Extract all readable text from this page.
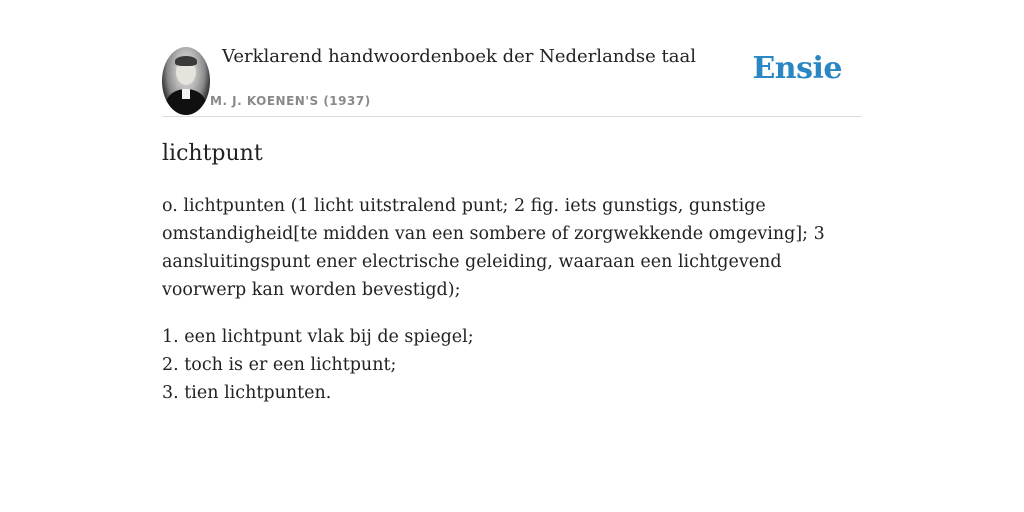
Verklarend handwoordenboek der Nederlandse taal
M. J. KOENEN'S (1937)
Ensie
lichtpunt

o. lichtpunten (1 licht uitstralend punt; 2 fig. iets gunstigs, gunstige omstandigheid[te midden van een sombere of zorgwekkende omgeving]; 3 aansluitingspunt ener electrische geleiding, waaraan een lichtgevend voorwerp kan worden bevestigd);

1. een lichtpunt vlak bij de spiegel;
2. toch is er een lichtpunt;
3. tien lichtpunten.
